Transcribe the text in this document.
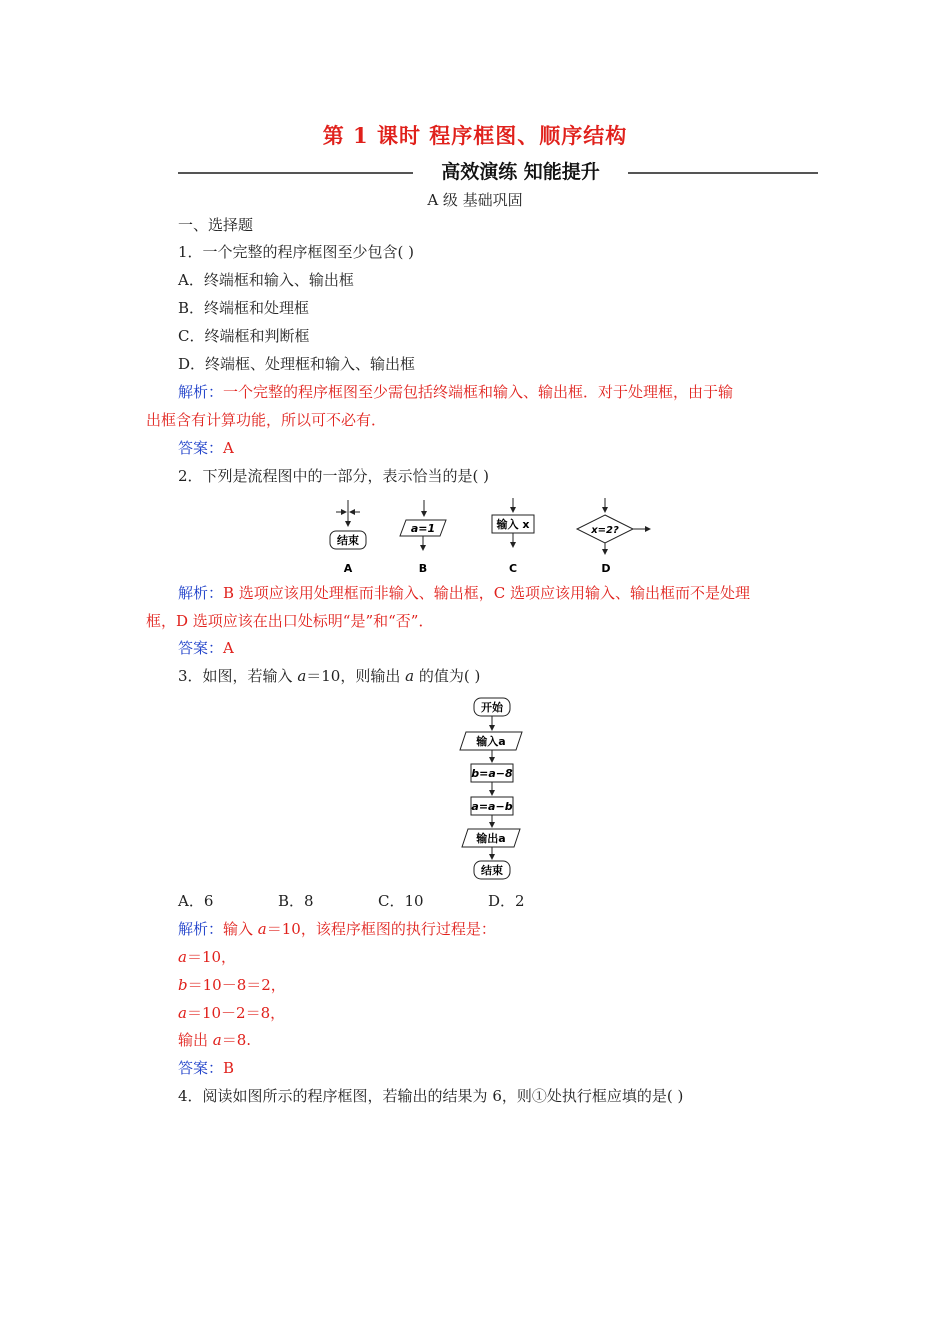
第 1 课时 程序框图、顺序结构
高效演练 知能提升
A 级 基础巩固
一、选择题
1．一个完整的程序框图至少包含( )
A．终端框和输入、输出框
B．终端框和处理框
C．终端框和判断框
D．终端框、处理框和输入、输出框
解析：一个完整的程序框图至少需包括终端框和输入、输出框．对于处理框，由于输
出框含有计算功能，所以可不必有．
答案：A
2．下列是流程图中的一部分，表示恰当的是( )
结束
a=1	输入 x	x=2?
A	B	C	D
解析：B 选项应该用处理框而非输入、输出框，C 选项应该用输入、输出框而不是处理
框，D 选项应该在出口处标明“是”和“否”．
答案：A
3．如图，若输入 a＝10，则输出 a 的值为( )
开始
输入a
b=a−8
a=a−b
输出a
结束
A．6	B．8	C．10	D．2
解析：输入 a＝10，该程序框图的执行过程是：
a＝10，
b＝10－8＝2，
a＝10－2＝8，
输出 a＝8.
答案：B
4．阅读如图所示的程序框图，若输出的结果为 6，则①处执行框应填的是( )
